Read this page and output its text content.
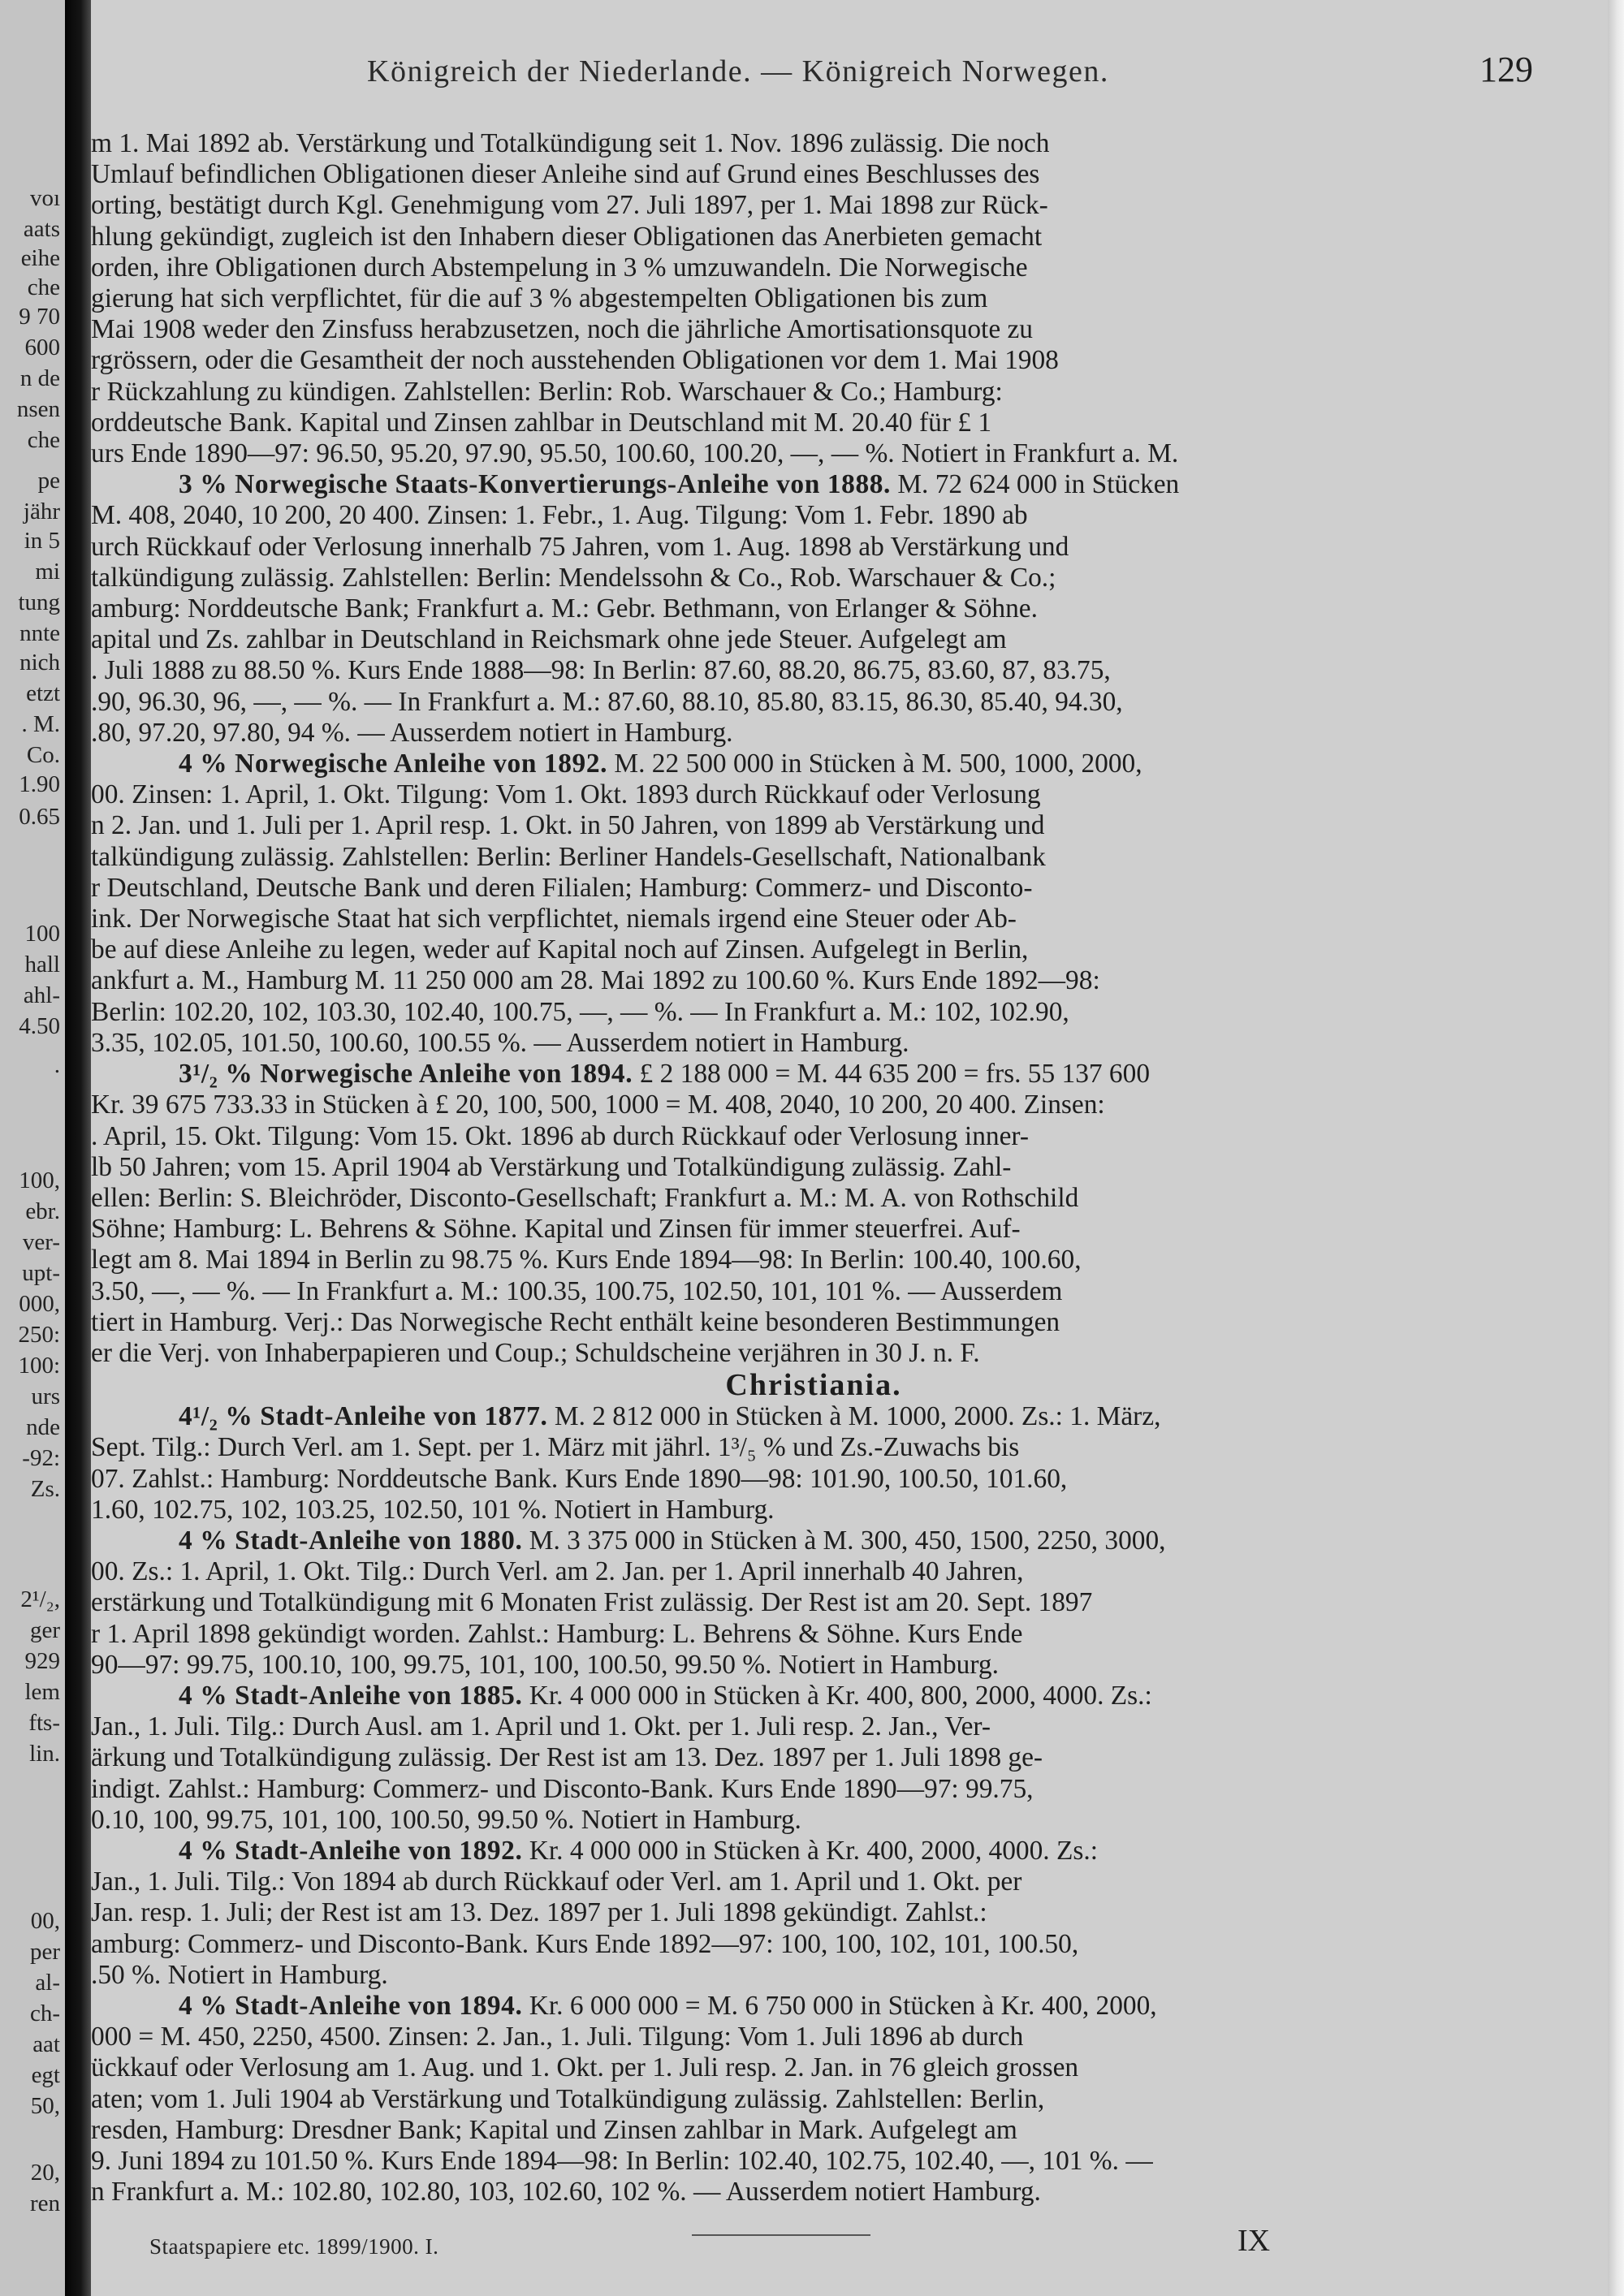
voı
aats
eihe
che
9 70
600
n de
nsen
che
pe
jähr
in 5
mi
tung
nnte
nich
etzt
. M.
Co.
1.90
0.65
100
hall
ahl-
4.50
.
100,
ebr.
ver-
upt-
000,
250:
100:
urs
nde
-92:
Zs.
2¹/₂,
ger
929
lem
fts-
lin.
00,
per
al-
ch-
aat
egt
50,
20,
ren
Königreich der Niederlande. — Königreich Norwegen.	129

m 1. Mai 1892 ab. Verstärkung und Totalkündigung seit 1. Nov. 1896 zulässig. Die noch

Umlauf befindlichen Obligationen dieser Anleihe sind auf Grund eines Beschlusses des

orting, bestätigt durch Kgl. Genehmigung vom 27. Juli 1897, per 1. Mai 1898 zur Rück-

hlung gekündigt, zugleich ist den Inhabern dieser Obligationen das Anerbieten gemacht

orden, ihre Obligationen durch Abstempelung in 3 % umzuwandeln. Die Norwegische

gierung hat sich verpflichtet, für die auf 3 % abgestempelten Obligationen bis zum

Mai 1908 weder den Zinsfuss herabzusetzen, noch die jährliche Amortisationsquote zu

rgrössern, oder die Gesamtheit der noch ausstehenden Obligationen vor dem 1. Mai 1908

r Rückzahlung zu kündigen. Zahlstellen: Berlin: Rob. Warschauer & Co.; Hamburg:

orddeutsche Bank. Kapital und Zinsen zahlbar in Deutschland mit M. 20.40 für £ 1

urs Ende 1890—97: 96.50, 95.20, 97.90, 95.50, 100.60, 100.20, —, — %. Notiert in Frankfurt a. M.

3 % Norwegische Staats-Konvertierungs-Anleihe von 1888. M. 72 624 000 in Stücken

M. 408, 2040, 10 200, 20 400. Zinsen: 1. Febr., 1. Aug. Tilgung: Vom 1. Febr. 1890 ab

urch Rückkauf oder Verlosung innerhalb 75 Jahren, vom 1. Aug. 1898 ab Verstärkung und

talkündigung zulässig. Zahlstellen: Berlin: Mendelssohn & Co., Rob. Warschauer & Co.;

amburg: Norddeutsche Bank; Frankfurt a. M.: Gebr. Bethmann, von Erlanger & Söhne.

apital und Zs. zahlbar in Deutschland in Reichsmark ohne jede Steuer. Aufgelegt am

. Juli 1888 zu 88.50 %. Kurs Ende 1888—98: In Berlin: 87.60, 88.20, 86.75, 83.60, 87, 83.75,

.90, 96.30, 96, —, — %. — In Frankfurt a. M.: 87.60, 88.10, 85.80, 83.15, 86.30, 85.40, 94.30,

.80, 97.20, 97.80, 94 %. — Ausserdem notiert in Hamburg.

4 % Norwegische Anleihe von 1892. M. 22 500 000 in Stücken à M. 500, 1000, 2000,

00. Zinsen: 1. April, 1. Okt. Tilgung: Vom 1. Okt. 1893 durch Rückkauf oder Verlosung

n 2. Jan. und 1. Juli per 1. April resp. 1. Okt. in 50 Jahren, von 1899 ab Verstärkung und

talkündigung zulässig. Zahlstellen: Berlin: Berliner Handels-Gesellschaft, Nationalbank

r Deutschland, Deutsche Bank und deren Filialen; Hamburg: Commerz- und Disconto-

ink. Der Norwegische Staat hat sich verpflichtet, niemals irgend eine Steuer oder Ab-

be auf diese Anleihe zu legen, weder auf Kapital noch auf Zinsen. Aufgelegt in Berlin,

ankfurt a. M., Hamburg M. 11 250 000 am 28. Mai 1892 zu 100.60 %. Kurs Ende 1892—98:

Berlin: 102.20, 102, 103.30, 102.40, 100.75, —, — %. — In Frankfurt a. M.: 102, 102.90,

3.35, 102.05, 101.50, 100.60, 100.55 %. — Ausserdem notiert in Hamburg.

3¹/₂ % Norwegische Anleihe von 1894. £ 2 188 000 = M. 44 635 200 = frs. 55 137 600

Kr. 39 675 733.33 in Stücken à £ 20, 100, 500, 1000 = M. 408, 2040, 10 200, 20 400. Zinsen:

. April, 15. Okt. Tilgung: Vom 15. Okt. 1896 ab durch Rückkauf oder Verlosung inner-

lb 50 Jahren; vom 15. April 1904 ab Verstärkung und Totalkündigung zulässig. Zahl-

ellen: Berlin: S. Bleichröder, Disconto-Gesellschaft; Frankfurt a. M.: M. A. von Rothschild

Söhne; Hamburg: L. Behrens & Söhne. Kapital und Zinsen für immer steuerfrei. Auf-

legt am 8. Mai 1894 in Berlin zu 98.75 %. Kurs Ende 1894—98: In Berlin: 100.40, 100.60,

3.50, —, — %. — In Frankfurt a. M.: 100.35, 100.75, 102.50, 101, 101 %. — Ausserdem

tiert in Hamburg. Verj.: Das Norwegische Recht enthält keine besonderen Bestimmungen

er die Verj. von Inhaberpapieren und Coup.; Schuldscheine verjähren in 30 J. n. F.

Christiania.

4¹/₂ % Stadt-Anleihe von 1877. M. 2 812 000 in Stücken à M. 1000, 2000. Zs.: 1. März,

Sept. Tilg.: Durch Verl. am 1. Sept. per 1. März mit jährl. 1³/₅ % und Zs.-Zuwachs bis

07. Zahlst.: Hamburg: Norddeutsche Bank. Kurs Ende 1890—98: 101.90, 100.50, 101.60,

1.60, 102.75, 102, 103.25, 102.50, 101 %. Notiert in Hamburg.

4 % Stadt-Anleihe von 1880. M. 3 375 000 in Stücken à M. 300, 450, 1500, 2250, 3000,

00. Zs.: 1. April, 1. Okt. Tilg.: Durch Verl. am 2. Jan. per 1. April innerhalb 40 Jahren,

erstärkung und Totalkündigung mit 6 Monaten Frist zulässig. Der Rest ist am 20. Sept. 1897

r 1. April 1898 gekündigt worden. Zahlst.: Hamburg: L. Behrens & Söhne. Kurs Ende

90—97: 99.75, 100.10, 100, 99.75, 101, 100, 100.50, 99.50 %. Notiert in Hamburg.

4 % Stadt-Anleihe von 1885. Kr. 4 000 000 in Stücken à Kr. 400, 800, 2000, 4000. Zs.:

Jan., 1. Juli. Tilg.: Durch Ausl. am 1. April und 1. Okt. per 1. Juli resp. 2. Jan., Ver-

ärkung und Totalkündigung zulässig. Der Rest ist am 13. Dez. 1897 per 1. Juli 1898 ge-

indigt. Zahlst.: Hamburg: Commerz- und Disconto-Bank. Kurs Ende 1890—97: 99.75,

0.10, 100, 99.75, 101, 100, 100.50, 99.50 %. Notiert in Hamburg.

4 % Stadt-Anleihe von 1892. Kr. 4 000 000 in Stücken à Kr. 400, 2000, 4000. Zs.:

Jan., 1. Juli. Tilg.: Von 1894 ab durch Rückkauf oder Verl. am 1. April und 1. Okt. per

Jan. resp. 1. Juli; der Rest ist am 13. Dez. 1897 per 1. Juli 1898 gekündigt. Zahlst.:

amburg: Commerz- und Disconto-Bank. Kurs Ende 1892—97: 100, 100, 102, 101, 100.50,

.50 %. Notiert in Hamburg.

4 % Stadt-Anleihe von 1894. Kr. 6 000 000 = M. 6 750 000 in Stücken à Kr. 400, 2000,

000 = M. 450, 2250, 4500. Zinsen: 2. Jan., 1. Juli. Tilgung: Vom 1. Juli 1896 ab durch

ückkauf oder Verlosung am 1. Aug. und 1. Okt. per 1. Juli resp. 2. Jan. in 76 gleich grossen

aten; vom 1. Juli 1904 ab Verstärkung und Totalkündigung zulässig. Zahlstellen: Berlin,

resden, Hamburg: Dresdner Bank; Kapital und Zinsen zahlbar in Mark. Aufgelegt am

9. Juni 1894 zu 101.50 %. Kurs Ende 1894—98: In Berlin: 102.40, 102.75, 102.40, —, 101 %. —

n Frankfurt a. M.: 102.80, 102.80, 103, 102.60, 102 %. — Ausserdem notiert Hamburg.

Staatspapiere etc. 1899/1900. I.	IX
